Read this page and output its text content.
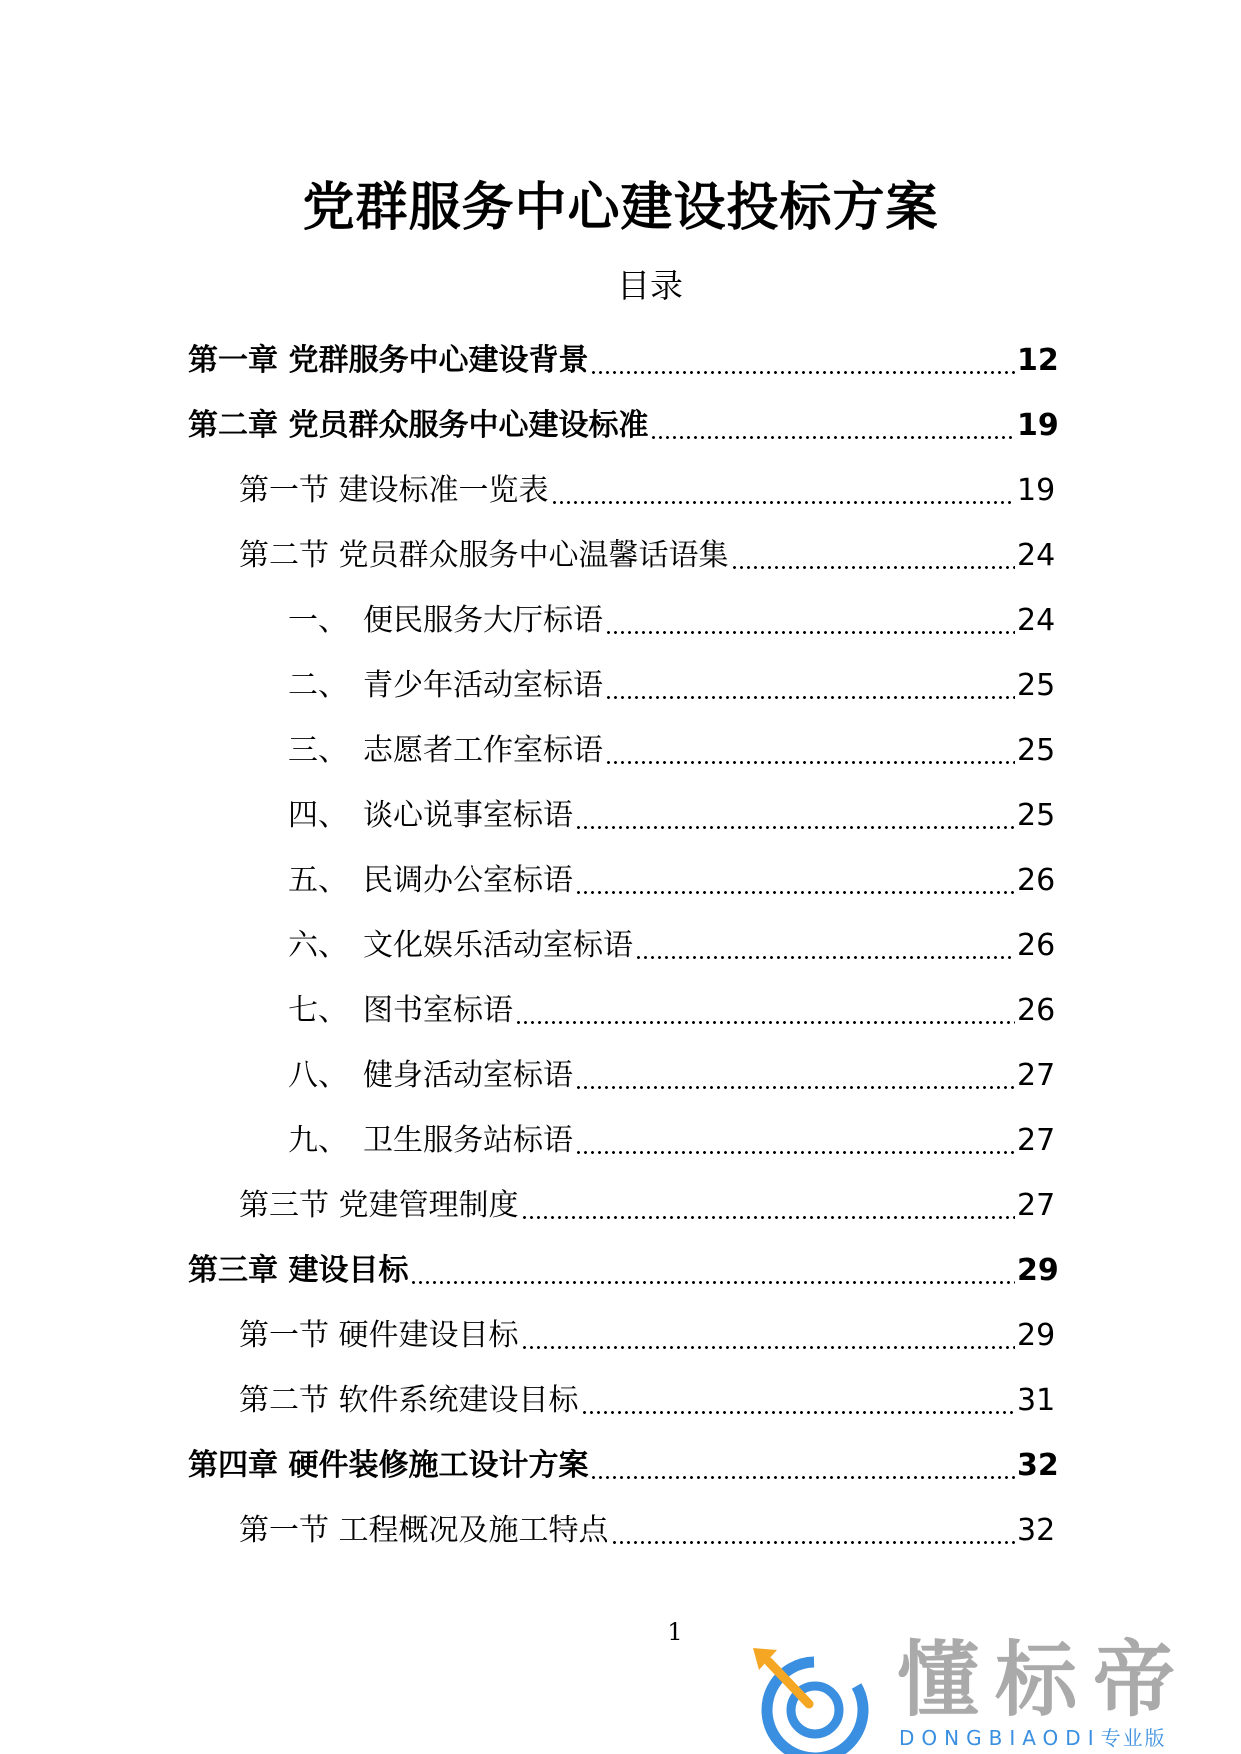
党群服务中心建设投标方案
目录
第一章 党群服务中心建设背景	12
第二章 党员群众服务中心建设标准	19
第一节 建设标准一览表	19
第二节 党员群众服务中心温馨话语集	24
一、 便民服务大厅标语	24
二、 青少年活动室标语	25
三、 志愿者工作室标语	25
四、 谈心说事室标语	25
五、 民调办公室标语	26
六、 文化娱乐活动室标语	26
七、 图书室标语	26
八、 健身活动室标语	27
九、 卫生服务站标语	27
第三节 党建管理制度	27
第三章 建设目标	29
第一节 硬件建设目标	29
第二节 软件系统建设目标	31
第四章 硬件装修施工设计方案	32
第一节 工程概况及施工特点	32
1
懂标帝
DONGBIAODI专业版
